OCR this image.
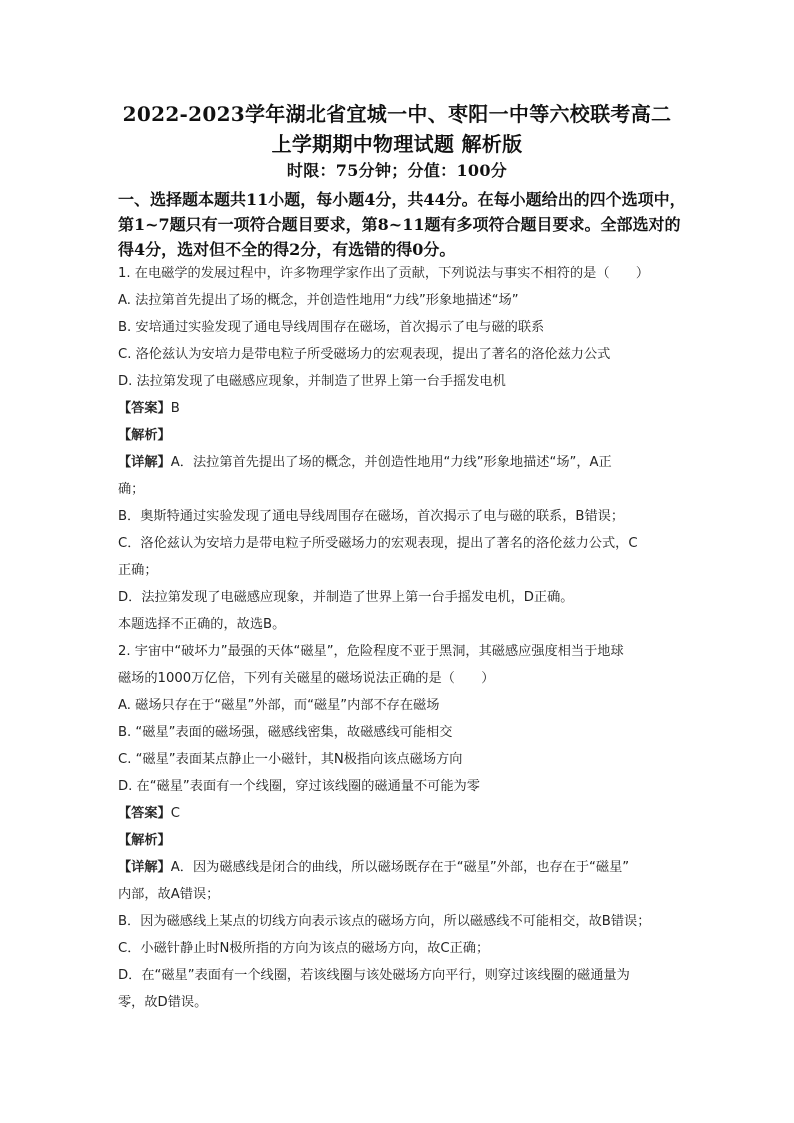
2022-2023学年湖北省宜城一中、枣阳一中等六校联考高二
上学期期中物理试题 解析版
时限：75分钟；分值：100分
一、选择题本题共11小题，每小题4分，共44分。在每小题给出的四个选项中，
第1~7题只有一项符合题目要求，第8~11题有多项符合题目要求。全部选对的
得4分，选对但不全的得2分，有选错的得0分。
1. 在电磁学的发展过程中，许多物理学家作出了贡献，下列说法与事实不相符的是（　　）
A. 法拉第首先提出了场的概念，并创造性地用“力线”形象地描述“场”
B. 安培通过实验发现了通电导线周围存在磁场，首次揭示了电与磁的联系
C. 洛伦兹认为安培力是带电粒子所受磁场力的宏观表现，提出了著名的洛伦兹力公式
D. 法拉第发现了电磁感应现象，并制造了世界上第一台手摇发电机
【答案】B
【解析】
【详解】A．法拉第首先提出了场的概念，并创造性地用“力线”形象地描述“场”，A正
确；
B．奥斯特通过实验发现了通电导线周围存在磁场，首次揭示了电与磁的联系，B错误；
C．洛伦兹认为安培力是带电粒子所受磁场力的宏观表现，提出了著名的洛伦兹力公式，C
正确；
D．法拉第发现了电磁感应现象，并制造了世界上第一台手摇发电机，D正确。
本题选择不正确的，故选B。
2. 宇宙中“破坏力”最强的天体“磁星”，危险程度不亚于黑洞，其磁感应强度相当于地球
磁场的1000万亿倍，下列有关磁星的磁场说法正确的是（　　）
A. 磁场只存在于“磁星”外部，而“磁星”内部不存在磁场
B. “磁星”表面的磁场强，磁感线密集，故磁感线可能相交
C. “磁星”表面某点静止一小磁针，其N极指向该点磁场方向
D. 在“磁星”表面有一个线圈，穿过该线圈的磁通量不可能为零
【答案】C
【解析】
【详解】A．因为磁感线是闭合的曲线，所以磁场既存在于“磁星”外部，也存在于“磁星”
内部，故A错误；
B．因为磁感线上某点的切线方向表示该点的磁场方向，所以磁感线不可能相交，故B错误；
C．小磁针静止时N极所指的方向为该点的磁场方向，故C正确；
D．在“磁星”表面有一个线圈，若该线圈与该处磁场方向平行，则穿过该线圈的磁通量为
零，故D错误。
